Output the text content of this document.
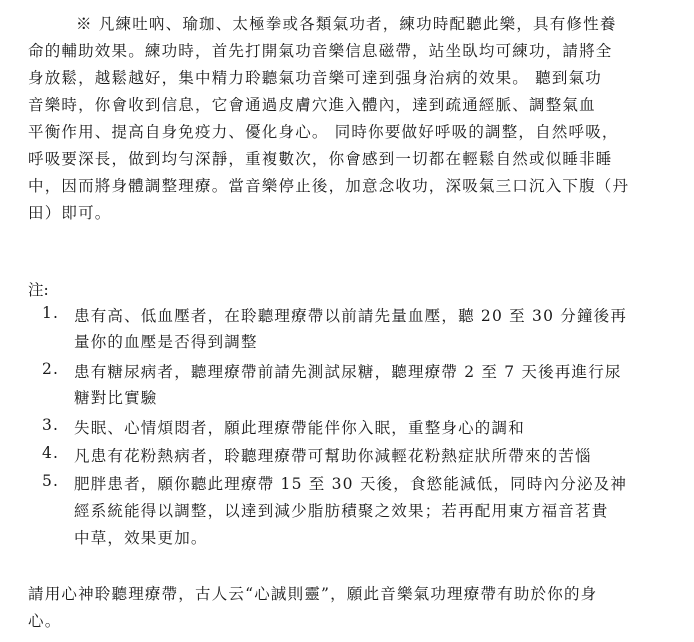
※ 凡練吐吶、瑜珈、太極拳或各類氣功者，練功時配聽此樂，具有修性養
命的輔助效果。練功時，首先打開氣功音樂信息磁帶，站坐臥均可練功，請將全
身放鬆，越鬆越好，集中精力聆聽氣功音樂可達到强身治病的效果。 聽到氣功
音樂時，你會收到信息，它會通過皮膚穴進入體內，達到疏通經脈、調整氣血
平衡作用、提高自身免疫力、優化身心。 同時你要做好呼吸的調整，自然呼吸，
呼吸要深長，做到均勻深靜，重複數次，你會感到一切都在輕鬆自然或似睡非睡
中，因而將身體調整理療。當音樂停止後，加意念收功，深吸氣三口沉入下腹（丹
田）即可。
注:
1. 患有高、低血壓者，在聆聽理療帶以前請先量血壓，聽 20 至 30 分鐘後再
量你的血壓是否得到調整
2. 患有糖尿病者，聽理療帶前請先測試尿糖，聽理療帶 2 至 7 天後再進行尿
糖對比實驗
3. 失眠、心情煩悶者，願此理療帶能伴你入眠，重整身心的調和
4. 凡患有花粉熱病者，聆聽理療帶可幫助你減輕花粉熱症狀所帶來的苦惱
5. 肥胖患者，願你聽此理療帶 15 至 30 天後，食慾能減低，同時內分泌及神
經系統能得以調整，以達到減少脂肪積聚之效果；若再配用東方福音茗貴
中草，效果更加。
請用心神聆聽理療帶，古人云“心誠則靈”，願此音樂氣功理療帶有助於你的身
心。
